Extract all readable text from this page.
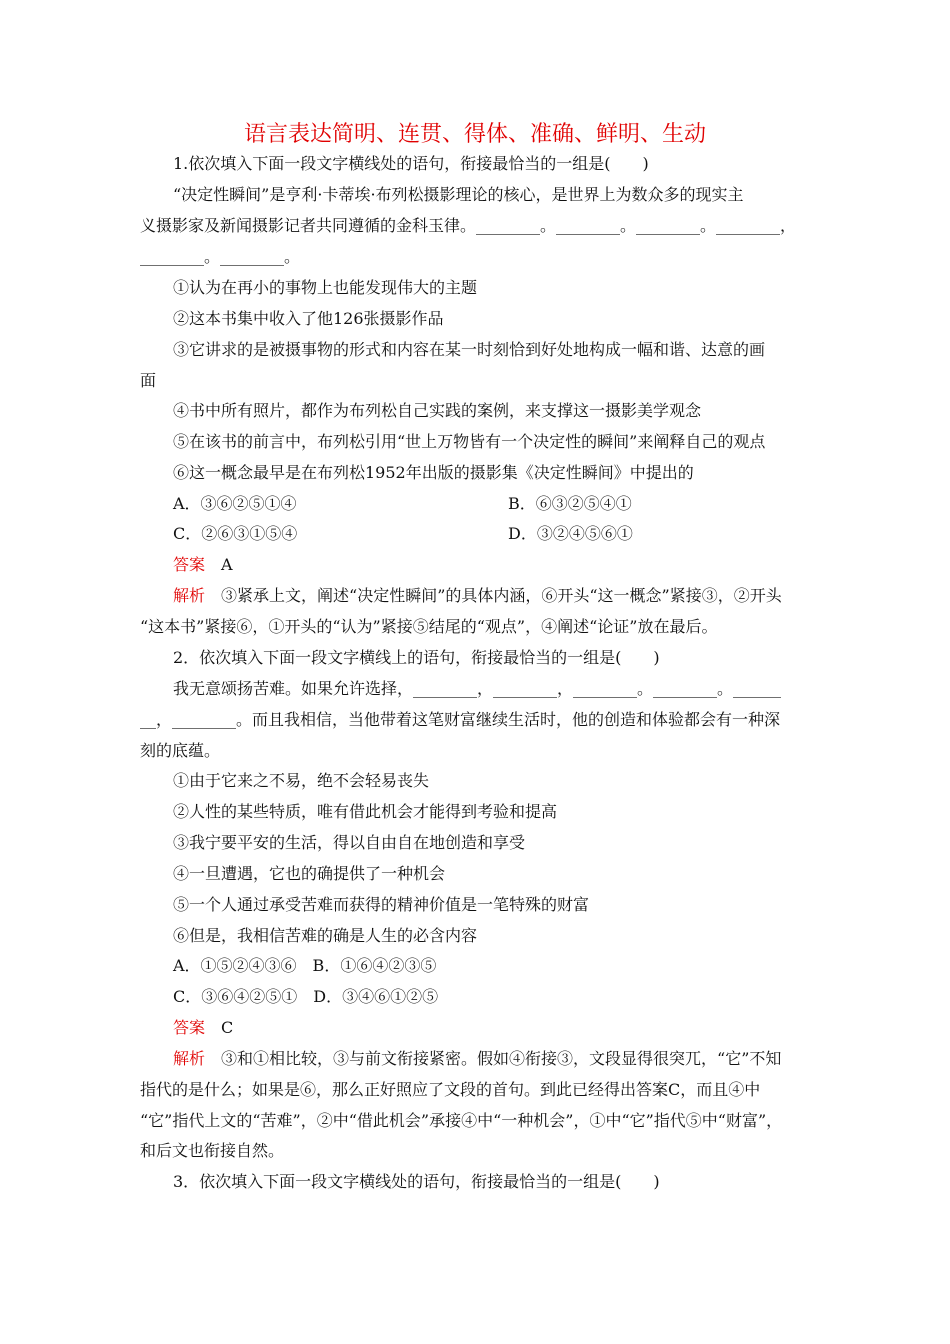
语言表达简明、连贯、得体、准确、鲜明、生动
1.依次填入下面一段文字横线处的语句，衔接最恰当的一组是(　　)
“决定性瞬间”是亨利·卡蒂埃·布列松摄影理论的核心，是世界上为数众多的现实主
义摄影家及新闻摄影记者共同遵循的金科玉律。________。________。________。________，
________。________。
①认为在再小的事物上也能发现伟大的主题
②这本书集中收入了他126张摄影作品
③它讲求的是被摄事物的形式和内容在某一时刻恰到好处地构成一幅和谐、达意的画
面
④书中所有照片，都作为布列松自己实践的案例，来支撑这一摄影美学观念
⑤在该书的前言中，布列松引用“世上万物皆有一个决定性的瞬间”来阐释自己的观点
⑥这一概念最早是在布列松1952年出版的摄影集《决定性瞬间》中提出的
A．③⑥②⑤①④	B．⑥③②⑤④①
C．②⑥③①⑤④	D．③②④⑤⑥①
答案 A
解析 ③紧承上文，阐述“决定性瞬间”的具体内涵，⑥开头“这一概念”紧接③，②开头
“这本书”紧接⑥，①开头的“认为”紧接⑤结尾的“观点”，④阐述“论证”放在最后。
2．依次填入下面一段文字横线上的语句，衔接最恰当的一组是(　　)
我无意颂扬苦难。如果允许选择，________，________，________。________。______
__，________。而且我相信，当他带着这笔财富继续生活时，他的创造和体验都会有一种深
刻的底蕴。
①由于它来之不易，绝不会轻易丧失
②人性的某些特质，唯有借此机会才能得到考验和提高
③我宁要平安的生活，得以自由自在地创造和享受
④一旦遭遇，它也的确提供了一种机会
⑤一个人通过承受苦难而获得的精神价值是一笔特殊的财富
⑥但是，我相信苦难的确是人生的必含内容
A．①⑤②④③⑥　B．①⑥④②③⑤
C．③⑥④②⑤①　D．③④⑥①②⑤
答案 C
解析 ③和①相比较，③与前文衔接紧密。假如④衔接③，文段显得很突兀，“它”不知
指代的是什么；如果是⑥，那么正好照应了文段的首句。到此已经得出答案C，而且④中
“它”指代上文的“苦难”，②中“借此机会”承接④中“一种机会”，①中“它”指代⑤中“财富”，
和后文也衔接自然。
3．依次填入下面一段文字横线处的语句，衔接最恰当的一组是(　　)
